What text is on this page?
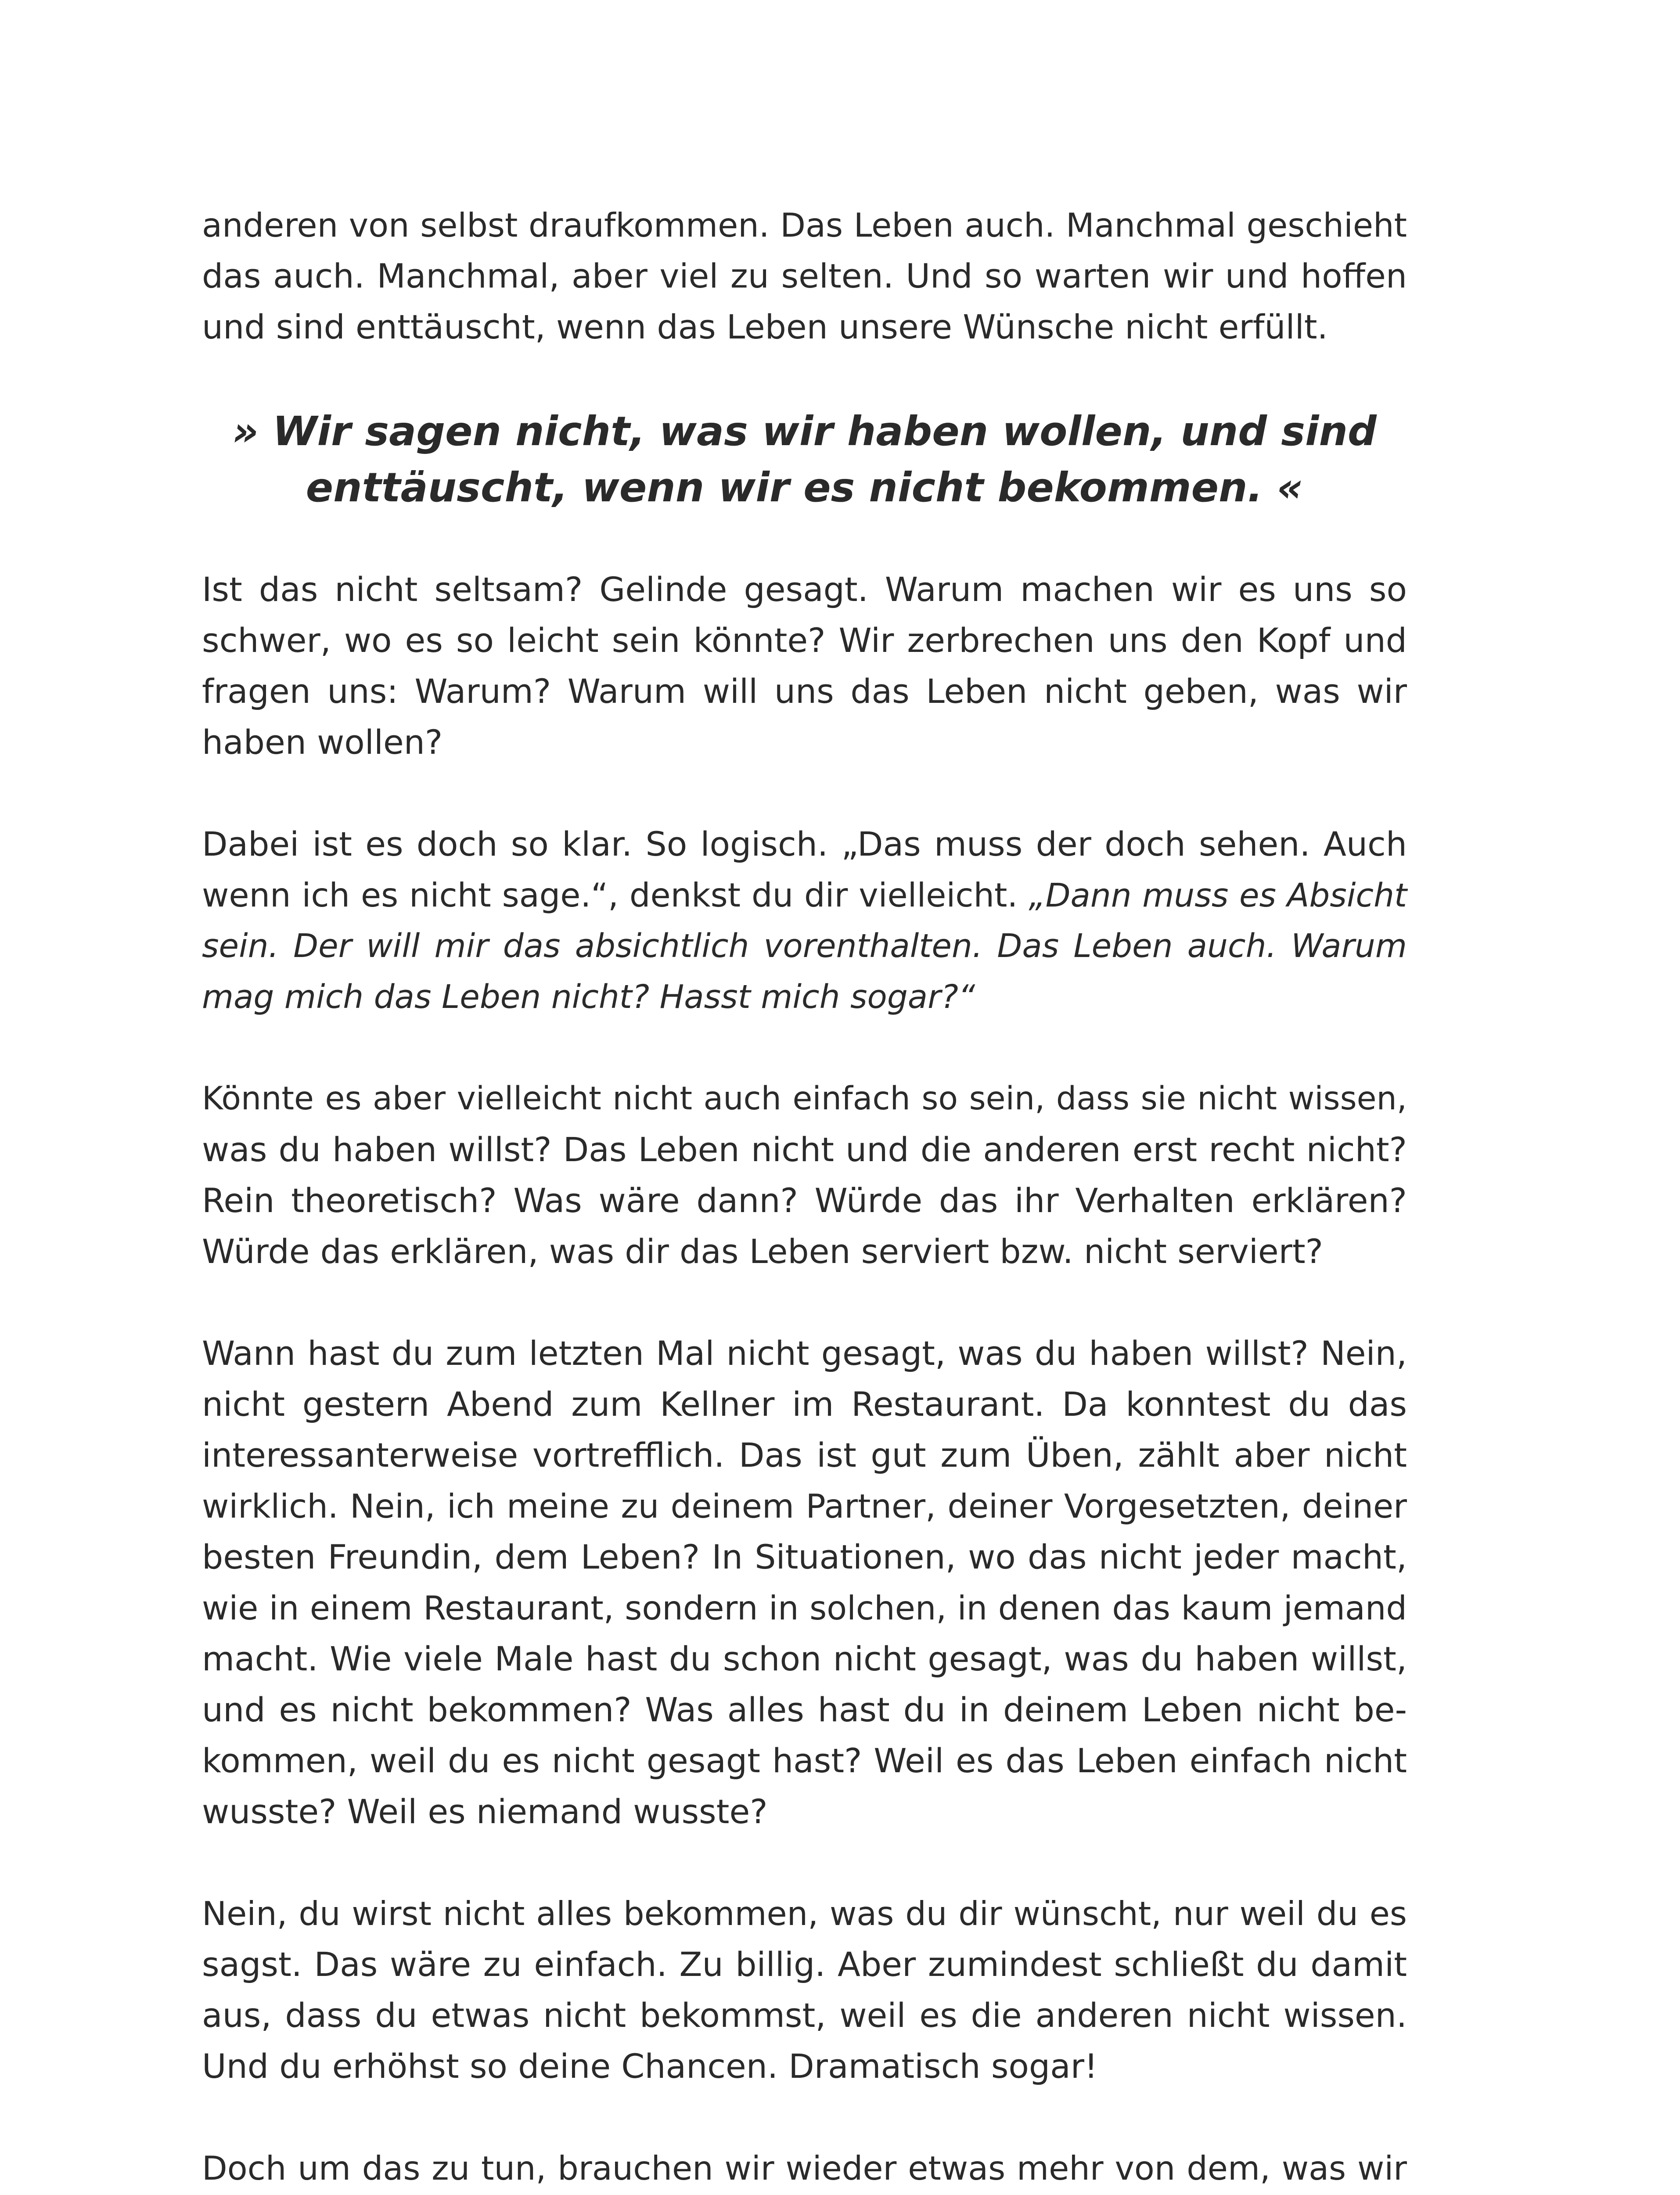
anderen von selbst draufkommen. Das Leben auch. Manchmal geschieht
das auch. Manchmal, aber viel zu selten. Und so warten wir und hoffen
und sind enttäuscht, wenn das Leben unsere Wünsche nicht erfüllt.
» Wir sagen nicht, was wir haben wollen, und sind
enttäuscht, wenn wir es nicht bekommen. «
Ist das nicht seltsam? Gelinde gesagt. Warum machen wir es uns so
schwer, wo es so leicht sein könnte? Wir zerbrechen uns den Kopf und
fragen uns: Warum? Warum will uns das Leben nicht geben, was wir
haben wollen?
Dabei ist es doch so klar. So logisch. „Das muss der doch sehen. Auch
wenn ich es nicht sage.“, denkst du dir vielleicht. „Dann muss es Absicht
sein. Der will mir das absichtlich vorenthalten. Das Leben auch. Warum
mag mich das Leben nicht? Hasst mich sogar?“
Könnte es aber vielleicht nicht auch einfach so sein, dass sie nicht wissen,
was du haben willst? Das Leben nicht und die anderen erst recht nicht?
Rein theoretisch? Was wäre dann? Würde das ihr Verhalten erklären?
Würde das erklären, was dir das Leben serviert bzw. nicht serviert?
Wann hast du zum letzten Mal nicht gesagt, was du haben willst? Nein,
nicht gestern Abend zum Kellner im Restaurant. Da konntest du das
interessanterweise vortrefflich. Das ist gut zum Üben, zählt aber nicht
wirklich. Nein, ich meine zu deinem Partner, deiner Vorgesetzten, deiner
besten Freundin, dem Leben? In Situationen, wo das nicht jeder macht,
wie in einem Restaurant, sondern in solchen, in denen das kaum jemand
macht. Wie viele Male hast du schon nicht gesagt, was du haben willst,
und es nicht bekommen? Was alles hast du in deinem Leben nicht be-
kommen, weil du es nicht gesagt hast? Weil es das Leben einfach nicht
wusste? Weil es niemand wusste?
Nein, du wirst nicht alles bekommen, was du dir wünscht, nur weil du es
sagst. Das wäre zu einfach. Zu billig. Aber zumindest schließt du damit
aus, dass du etwas nicht bekommst, weil es die anderen nicht wissen.
Und du erhöhst so deine Chancen. Dramatisch sogar!
Doch um das zu tun, brauchen wir wieder etwas mehr von dem, was wir
